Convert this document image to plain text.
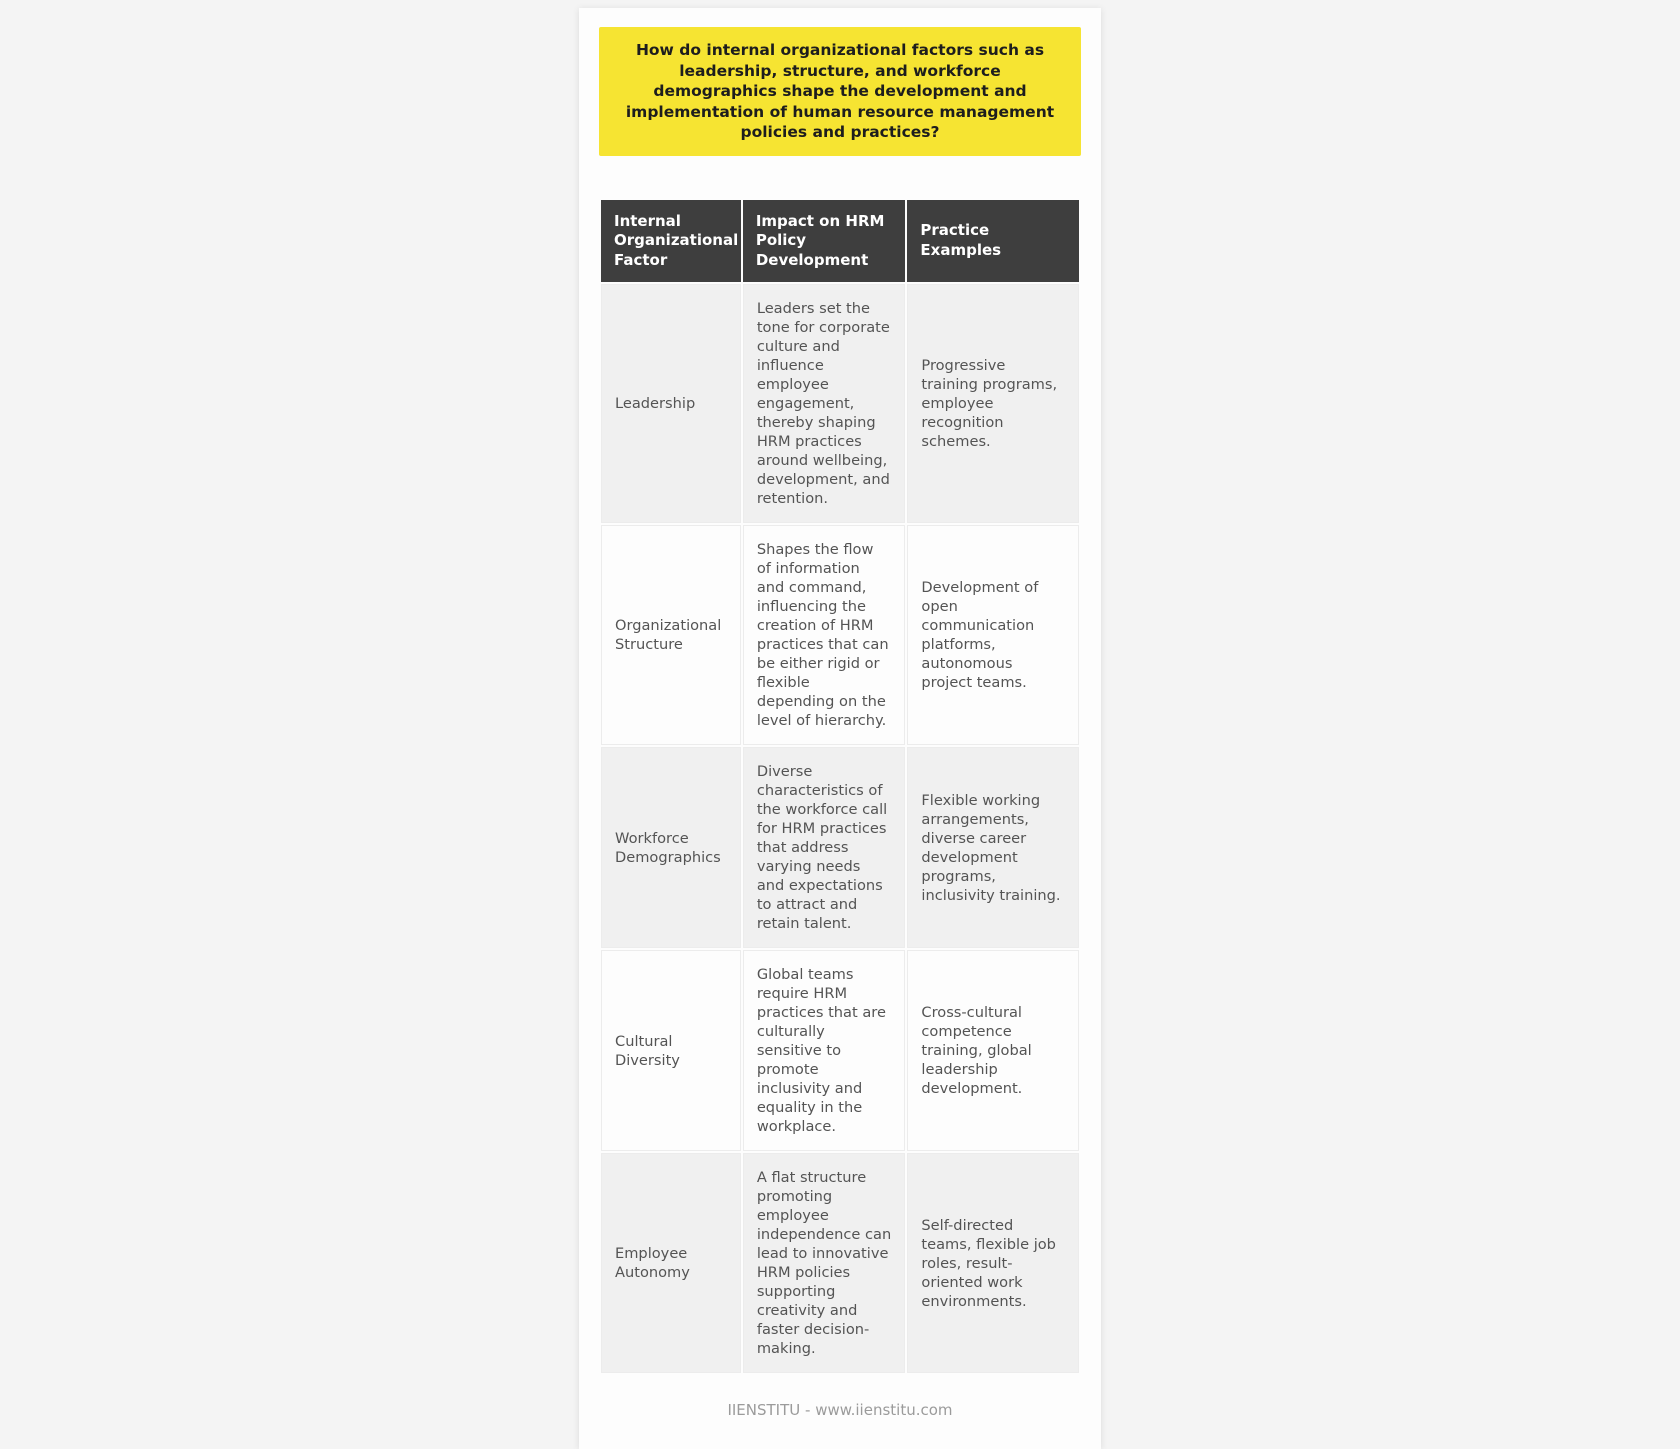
How do internal organizational factors such as leadership, structure, and workforce demographics shape the development and implementation of human resource management policies and practices?
Internal Organizational Factor	Impact on HRM Policy Development	Practice Examples
Leadership	Leaders set the tone for corporate culture and influence employee engagement, thereby shaping HRM practices around wellbeing, development, and retention.	Progressive training programs, employee recognition schemes.
Organizational Structure	Shapes the flow of information and command, influencing the creation of HRM practices that can be either rigid or flexible depending on the level of hierarchy.	Development of open communication platforms, autonomous project teams.
Workforce Demographics	Diverse characteristics of the workforce call for HRM practices that address varying needs and expectations to attract and retain talent.	Flexible working arrangements, diverse career development programs, inclusivity training.
Cultural Diversity	Global teams require HRM practices that are culturally sensitive to promote inclusivity and equality in the workplace.	Cross-cultural competence training, global leadership development.
Employee Autonomy	A flat structure promoting employee independence can lead to innovative HRM policies supporting creativity and faster decision-making.	Self-directed teams, flexible job roles, result-oriented work environments.
IIENSTITU - www.iienstitu.com
